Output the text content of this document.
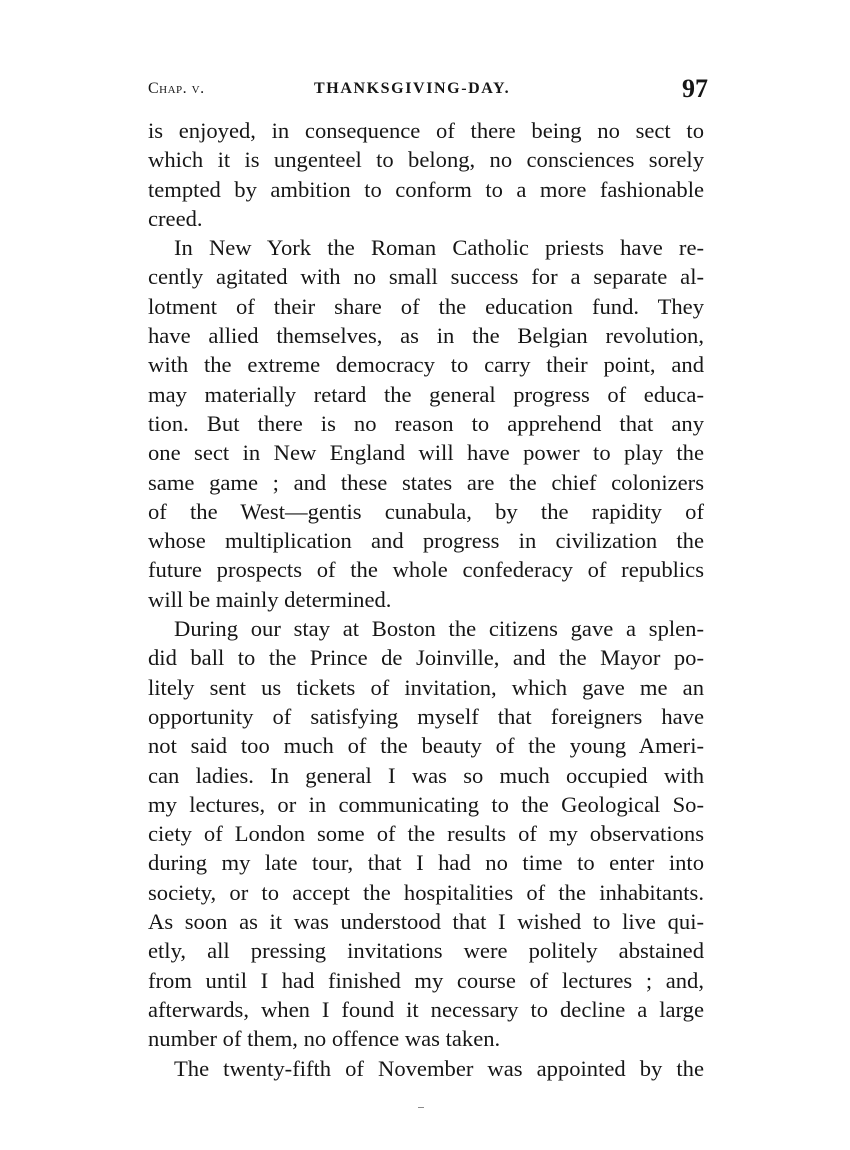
Chap. v.	THANKSGIVING-DAY.	97

is enjoyed, in consequence of there being no sect to
which it is ungenteel to belong, no consciences sorely
tempted by ambition to conform to a more fashionable
creed.

In New York the Roman Catholic priests have re-
cently agitated with no small success for a separate al-
lotment of their share of the education fund. They
have allied themselves, as in the Belgian revolution,
with the extreme democracy to carry their point, and
may materially retard the general progress of educa-
tion. But there is no reason to apprehend that any
one sect in New England will have power to play the
same game ; and these states are the chief colonizers
of the West—gentis cunabula, by the rapidity of
whose multiplication and progress in civilization the
future prospects of the whole confederacy of republics
will be mainly determined.

During our stay at Boston the citizens gave a splen-
did ball to the Prince de Joinville, and the Mayor po-
litely sent us tickets of invitation, which gave me an
opportunity of satisfying myself that foreigners have
not said too much of the beauty of the young Ameri-
can ladies. In general I was so much occupied with
my lectures, or in communicating to the Geological So-
ciety of London some of the results of my observations
during my late tour, that I had no time to enter into
society, or to accept the hospitalities of the inhabitants.
As soon as it was understood that I wished to live qui-
etly, all pressing invitations were politely abstained
from until I had finished my course of lectures ; and,
afterwards, when I found it necessary to decline a large
number of them, no offence was taken.

The twenty-fifth of November was appointed by the
